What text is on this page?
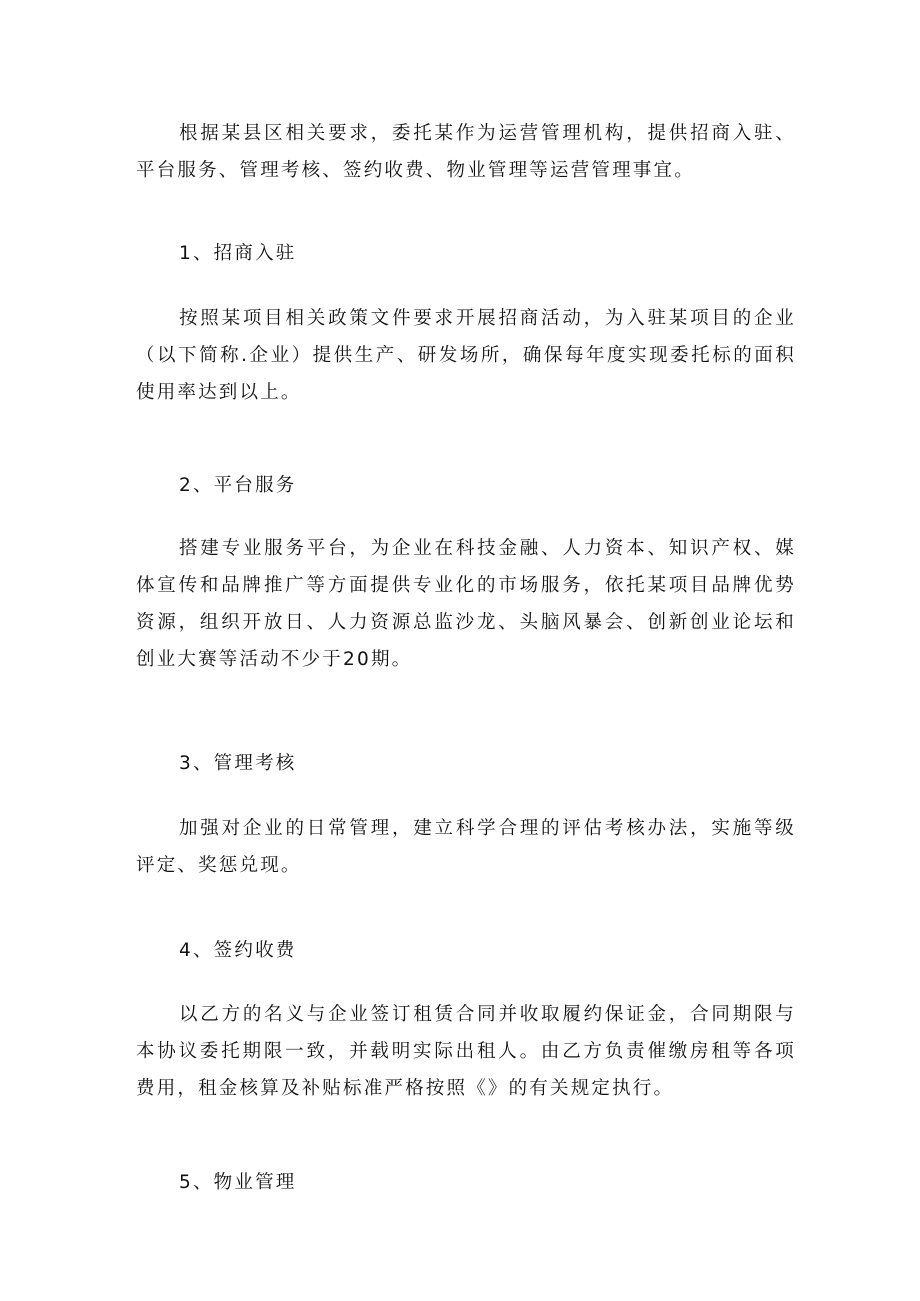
根据某县区相关要求，委托某作为运营管理机构，提供招商入驻、平台服务、管理考核、签约收费、物业管理等运营管理事宜。

1、招商入驻

按照某项目相关政策文件要求开展招商活动，为入驻某项目的企业（以下简称.企业）提供生产、研发场所，确保每年度实现委托标的面积使用率达到以上。

2、平台服务

搭建专业服务平台，为企业在科技金融、人力资本、知识产权、媒体宣传和品牌推广等方面提供专业化的市场服务，依托某项目品牌优势资源，组织开放日、人力资源总监沙龙、头脑风暴会、创新创业论坛和创业大赛等活动不少于20期。

3、管理考核

加强对企业的日常管理，建立科学合理的评估考核办法，实施等级评定、奖惩兑现。

4、签约收费

以乙方的名义与企业签订租赁合同并收取履约保证金，合同期限与本协议委托期限一致，并载明实际出租人。由乙方负责催缴房租等各项费用，租金核算及补贴标准严格按照《》的有关规定执行。

5、物业管理
